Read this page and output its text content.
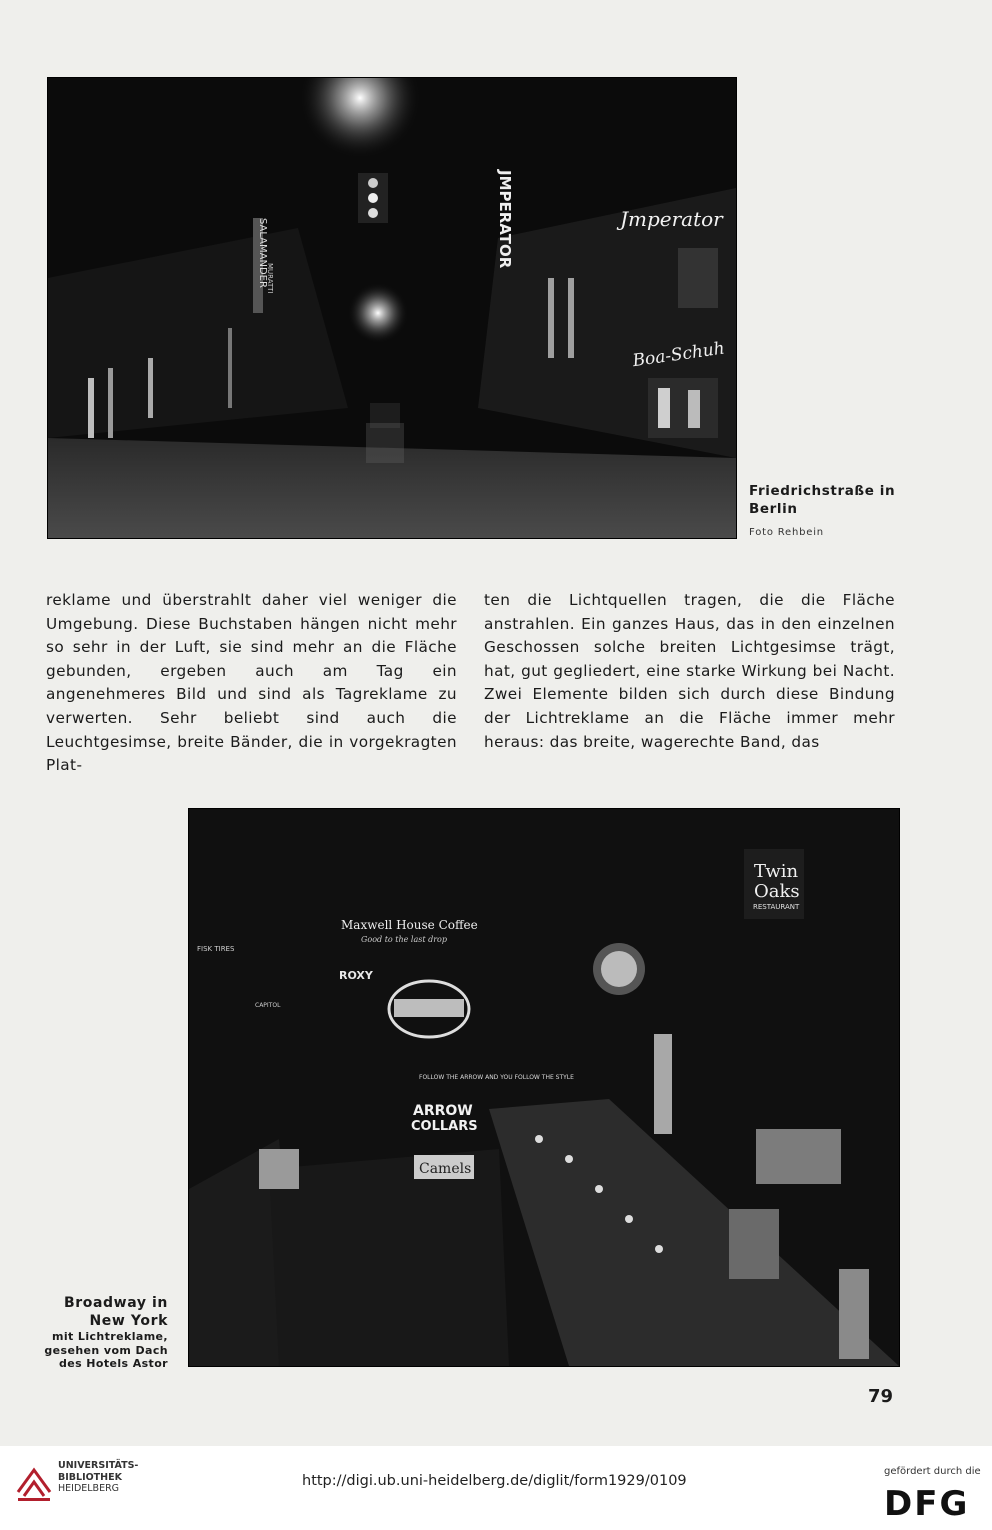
SALAMANDER
MURATTI
JMPERATOR	Jmperator
Boa-Schuh
Friedrichstraße in Berlin
Foto Rehbein

reklame und überstrahlt daher viel weniger die Umgebung. Diese Buchstaben hängen nicht mehr so sehr in der Luft, sie sind mehr an die Fläche gebunden, ergeben auch am Tag ein angenehmeres Bild und sind als Tagreklame zu verwerten. Sehr beliebt sind auch die Leuchtgesimse, breite Bänder, die in vorgekragten Plat-

ten die Lichtquellen tragen, die die Fläche anstrahlen. Ein ganzes Haus, das in den einzelnen Geschossen solche breiten Lichtgesimse trägt, hat, gut gegliedert, eine starke Wirkung bei Nacht. Zwei Elemente bilden sich durch diese Bindung der Lichtreklame an die Fläche immer mehr heraus: das breite, wagerechte Band, das

Twin
Oaks
RESTAURANT
Maxwell House Coffee
Good to the last drop
ROXY
FISK TIRES
CAPITOL
FOLLOW THE ARROW AND YOU FOLLOW THE STYLE
ARROW
COLLARS
Camels
Broadway in New York
mit Lichtreklame,
gesehen vom Dach
des Hotels Astor
79
UNIVERSITÄTS-
BIBLIOTHEK
HEIDELBERG	http://digi.ub.uni-heidelberg.de/diglit/form1929/0109
gefördert durch die
DFG
